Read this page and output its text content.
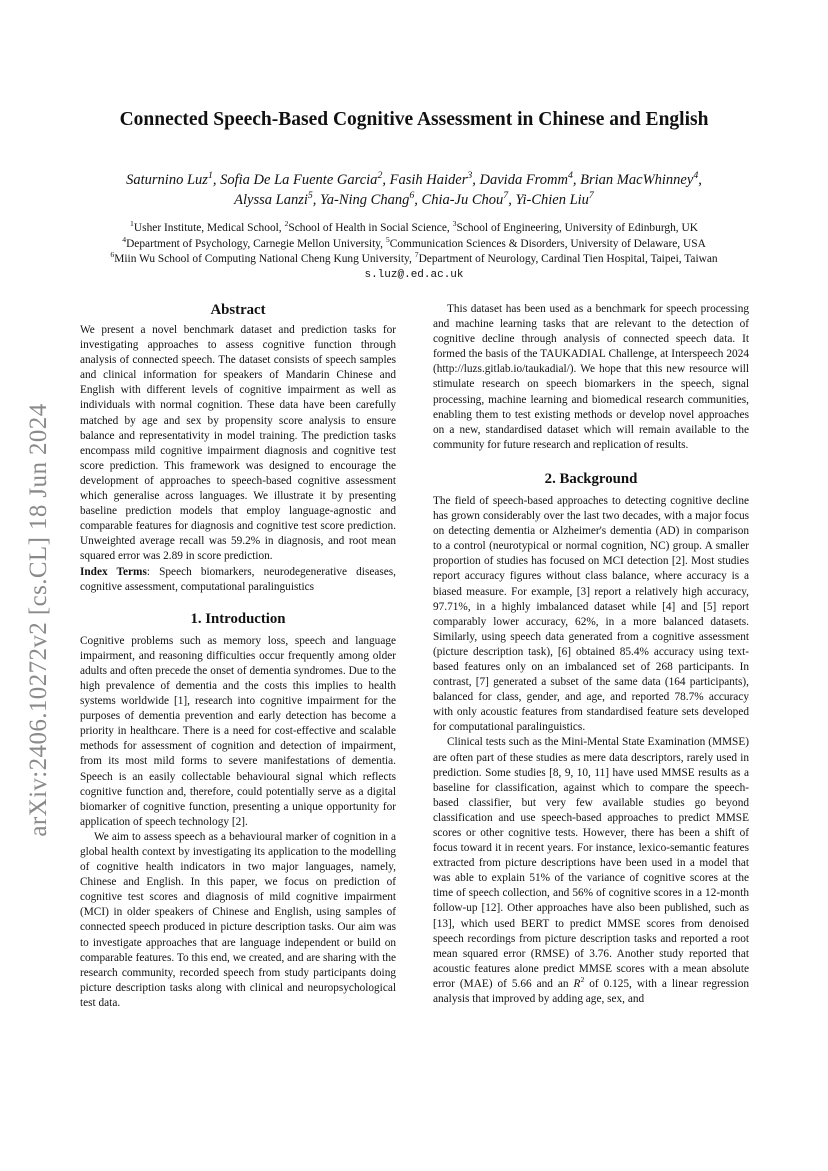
arXiv:2406.10272v2 [cs.CL] 18 Jun 2024
Connected Speech-Based Cognitive Assessment in Chinese and English
Saturnino Luz$^1$, Sofia De La Fuente Garcia$^2$, Fasih Haider$^3$, Davida Fromm$^4$, Brian MacWhinney$^4$,
Alyssa Lanzi$^5$, Ya-Ning Chang$^6$, Chia-Ju Chou$^7$, Yi-Chien Liu$^7$
$^1$Usher Institute, Medical School, $^2$School of Health in Social Science, $^3$School of Engineering, University of Edinburgh, UK
$^4$Department of Psychology, Carnegie Mellon University, $^5$Communication Sciences & Disorders, University of Delaware, USA
$^6$Miin Wu School of Computing National Cheng Kung University, $^7$Department of Neurology, Cardinal Tien Hospital, Taipei, Taiwan
s.luz@.ed.ac.uk
Abstract

We present a novel benchmark dataset and prediction tasks for investigating approaches to assess cognitive function through analysis of connected speech. The dataset consists of speech samples and clinical information for speakers of Mandarin Chinese and English with different levels of cognitive impairment as well as individuals with normal cognition. These data have been carefully matched by age and sex by propensity score analysis to ensure balance and representativity in model training. The prediction tasks encompass mild cognitive impairment diagnosis and cognitive test score prediction. This framework was designed to encourage the development of approaches to speech-based cognitive assessment which generalise across languages. We illustrate it by presenting baseline prediction models that employ language-agnostic and comparable features for diagnosis and cognitive test score prediction. Unweighted average recall was 59.2% in diagnosis, and root mean squared error was 2.89 in score prediction.

Index Terms: Speech biomarkers, neurodegenerative diseases, cognitive assessment, computational paralinguistics

1. Introduction

Cognitive problems such as memory loss, speech and language impairment, and reasoning difficulties occur frequently among older adults and often precede the onset of dementia syndromes. Due to the high prevalence of dementia and the costs this implies to health systems worldwide [1], research into cognitive impairment for the purposes of dementia prevention and early detection has become a priority in healthcare. There is a need for cost-effective and scalable methods for assessment of cognition and detection of impairment, from its most mild forms to severe manifestations of dementia. Speech is an easily collectable behavioural signal which reflects cognitive function and, therefore, could potentially serve as a digital biomarker of cognitive function, presenting a unique opportunity for application of speech technology [2].

We aim to assess speech as a behavioural marker of cognition in a global health context by investigating its application to the modelling of cognitive health indicators in two major languages, namely, Chinese and English. In this paper, we focus on prediction of cognitive test scores and diagnosis of mild cognitive impairment (MCI) in older speakers of Chinese and English, using samples of connected speech produced in picture description tasks. Our aim was to investigate approaches that are language independent or build on comparable features. To this end, we created, and are sharing with the research community, recorded speech from study participants doing picture description tasks along with clinical and neuropsychological test data.

This dataset has been used as a benchmark for speech processing and machine learning tasks that are relevant to the detection of cognitive decline through analysis of connected speech data. It formed the basis of the TAUKADIAL Challenge, at Interspeech 2024 (http://luzs.gitlab.io/taukadial/). We hope that this new resource will stimulate research on speech biomarkers in the speech, signal processing, machine learning and biomedical research communities, enabling them to test existing methods or develop novel approaches on a new, standardised dataset which will remain available to the community for future research and replication of results.

2. Background

The field of speech-based approaches to detecting cognitive decline has grown considerably over the last two decades, with a major focus on detecting dementia or Alzheimer's dementia (AD) in comparison to a control (neurotypical or normal cognition, NC) group. A smaller proportion of studies has focused on MCI detection [2]. Most studies report accuracy figures without class balance, where accuracy is a biased measure. For example, [3] report a relatively high accuracy, 97.71%, in a highly imbalanced dataset while [4] and [5] report comparably lower accuracy, 62%, in a more balanced datasets. Similarly, using speech data generated from a cognitive assessment (picture description task), [6] obtained 85.4% accuracy using text-based features only on an imbalanced set of 268 participants. In contrast, [7] generated a subset of the same data (164 participants), balanced for class, gender, and age, and reported 78.7% accuracy with only acoustic features from standardised feature sets developed for computational paralinguistics.

Clinical tests such as the Mini-Mental State Examination (MMSE) are often part of these studies as mere data descriptors, rarely used in prediction. Some studies [8, 9, 10, 11] have used MMSE results as a baseline for classification, against which to compare the speech-based classifier, but very few available studies go beyond classification and use speech-based approaches to predict MMSE scores or other cognitive tests. However, there has been a shift of focus toward it in recent years. For instance, lexico-semantic features extracted from picture descriptions have been used in a model that was able to explain 51% of the variance of cognitive scores at the time of speech collection, and 56% of cognitive scores in a 12-month follow-up [12]. Other approaches have also been published, such as [13], which used BERT to predict MMSE scores from denoised speech recordings from picture description tasks and reported a root mean squared error (RMSE) of 3.76. Another study reported that acoustic features alone predict MMSE scores with a mean absolute error (MAE) of 5.66 and an $R^2$ of 0.125, with a linear regression analysis that improved by adding age, sex, and
